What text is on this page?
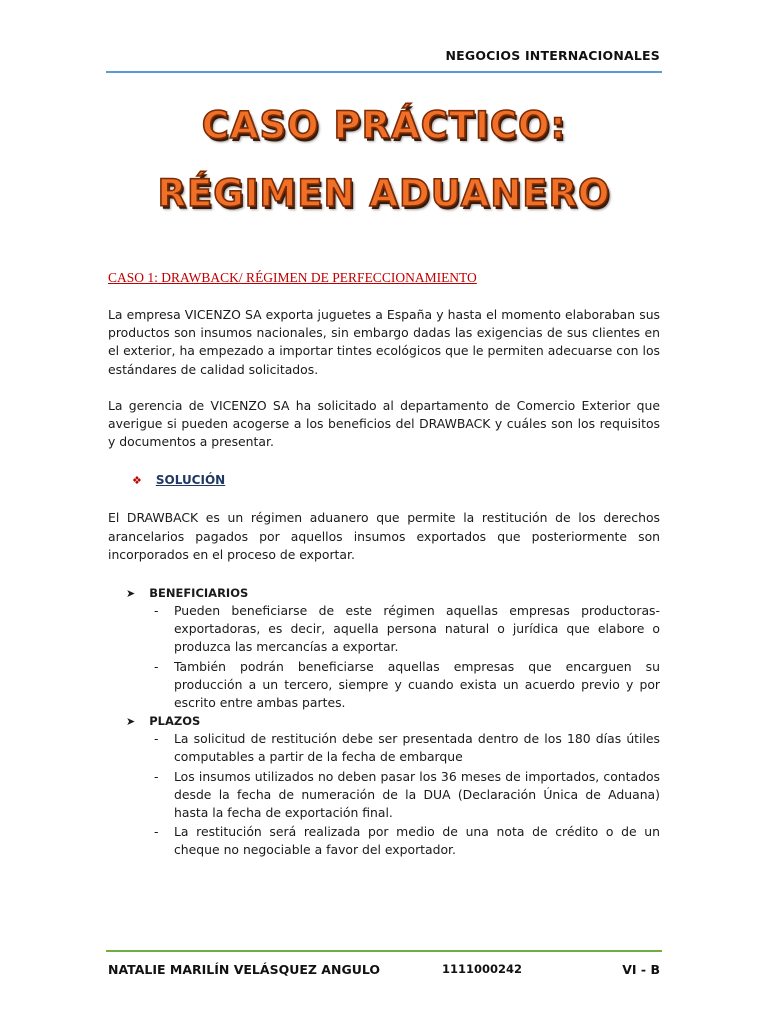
NEGOCIOS INTERNACIONALES
CASO PRÁCTICO:
RÉGIMEN ADUANERO
CASO 1: DRAWBACK/ RÉGIMEN DE PERFECCIONAMIENTO

La empresa VICENZO SA exporta juguetes a España y hasta el momento elaboraban sus productos son insumos nacionales, sin embargo dadas las exigencias de sus clientes en el exterior, ha empezado a importar tintes ecológicos que le permiten adecuarse con los estándares de calidad solicitados.

La gerencia de VICENZO SA ha solicitado al departamento de Comercio Exterior que averigue si pueden acogerse a los beneficios del DRAWBACK y cuáles son los requisitos y documentos a presentar.

❖ SOLUCIÓN

El DRAWBACK es un régimen aduanero que permite la restitución de los derechos arancelarios pagados por aquellos insumos exportados que posteriormente son incorporados en el proceso de exportar.

➤ BENEFICIARIOS
- Pueden beneficiarse de este régimen aquellas empresas productoras-exportadoras, es decir, aquella persona natural o jurídica que elabore o produzca las mercancías a exportar.
- También podrán beneficiarse aquellas empresas que encarguen su producción a un tercero, siempre y cuando exista un acuerdo previo y por escrito entre ambas partes.
➤ PLAZOS
- La solicitud de restitución debe ser presentada dentro de los 180 días útiles computables a partir de la fecha de embarque
- Los insumos utilizados no deben pasar los 36 meses de importados, contados desde la fecha de numeración de la DUA (Declaración Única de Aduana) hasta la fecha de exportación final.
- La restitución será realizada por medio de una nota de crédito o de un cheque no negociable a favor del exportador.
NATALIE MARILÍN VELÁSQUEZ ANGULO	1111000242	VI - B
